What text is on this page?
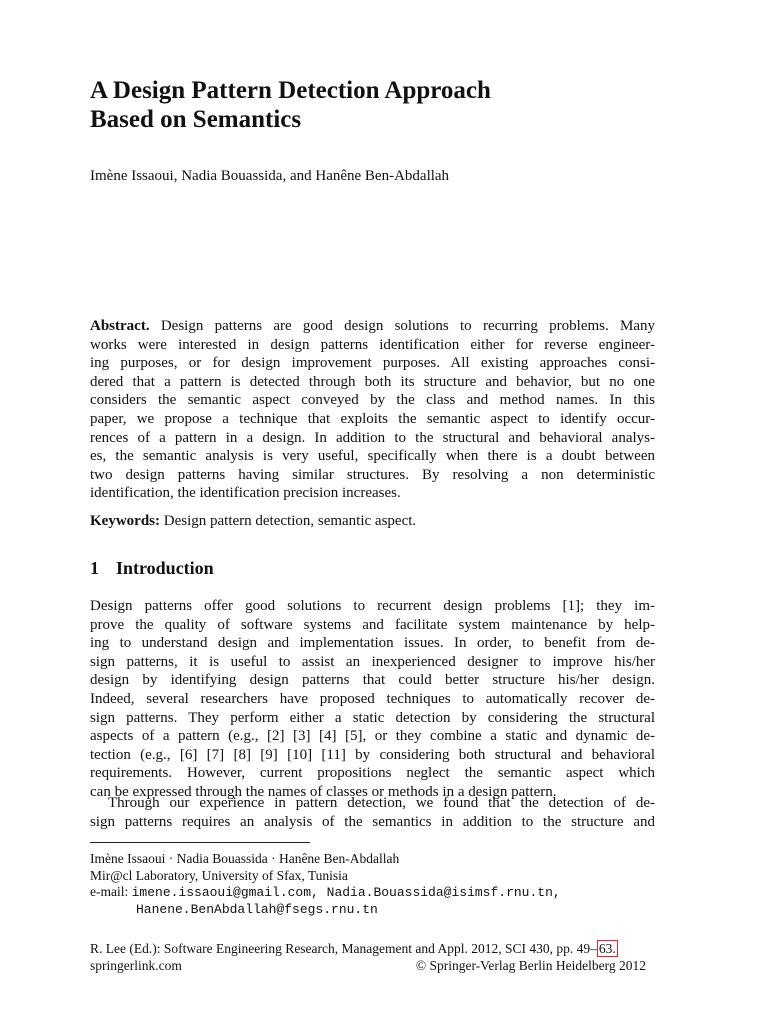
A Design Pattern Detection Approach
Based on Semantics

Imène Issaoui, Nadia Bouassida, and Hanêne Ben-Abdallah

Abstract. Design patterns are good design solutions to recurring problems. Many
works were interested in design patterns identification either for reverse engineer-
ing purposes, or for design improvement purposes. All existing approaches consi-
dered that a pattern is detected through both its structure and behavior, but no one
considers the semantic aspect conveyed by the class and method names. In this
paper, we propose a technique that exploits the semantic aspect to identify occur-
rences of a pattern in a design. In addition to the structural and behavioral analys-
es, the semantic analysis is very useful, specifically when there is a doubt between
two design patterns having similar structures. By resolving a non deterministic
identification, the identification precision increases.
Keywords: Design pattern detection, semantic aspect.
1 Introduction
Design patterns offer good solutions to recurrent design problems [1]; they im-
prove the quality of software systems and facilitate system maintenance by help-
ing to understand design and implementation issues. In order, to benefit from de-
sign patterns, it is useful to assist an inexperienced designer to improve his/her
design by identifying design patterns that could better structure his/her design.
Indeed, several researchers have proposed techniques to automatically recover de-
sign patterns. They perform either a static detection by considering the structural
aspects of a pattern (e.g., [2] [3] [4] [5], or they combine a static and dynamic de-
tection (e.g., [6] [7] [8] [9] [10] [11] by considering both structural and behavioral
requirements. However, current propositions neglect the semantic aspect which
can be expressed through the names of classes or methods in a design pattern.
Through our experience in pattern detection, we found that the detection of de-
sign patterns requires an analysis of the semantics in addition to the structure and
Imène Issaoui · Nadia Bouassida · Hanêne Ben-Abdallah
Mir@cl Laboratory, University of Sfax, Tunisia
e-mail: imene.issaoui@gmail.com, Nadia.Bouassida@isimsf.rnu.tn,
Hanene.BenAbdallah@fsegs.rnu.tn
R. Lee (Ed.): Software Engineering Research, Management and Appl. 2012, SCI 430, pp. 49– 63.
springerlink.com	© Springer-Verlag Berlin Heidelberg 2012
